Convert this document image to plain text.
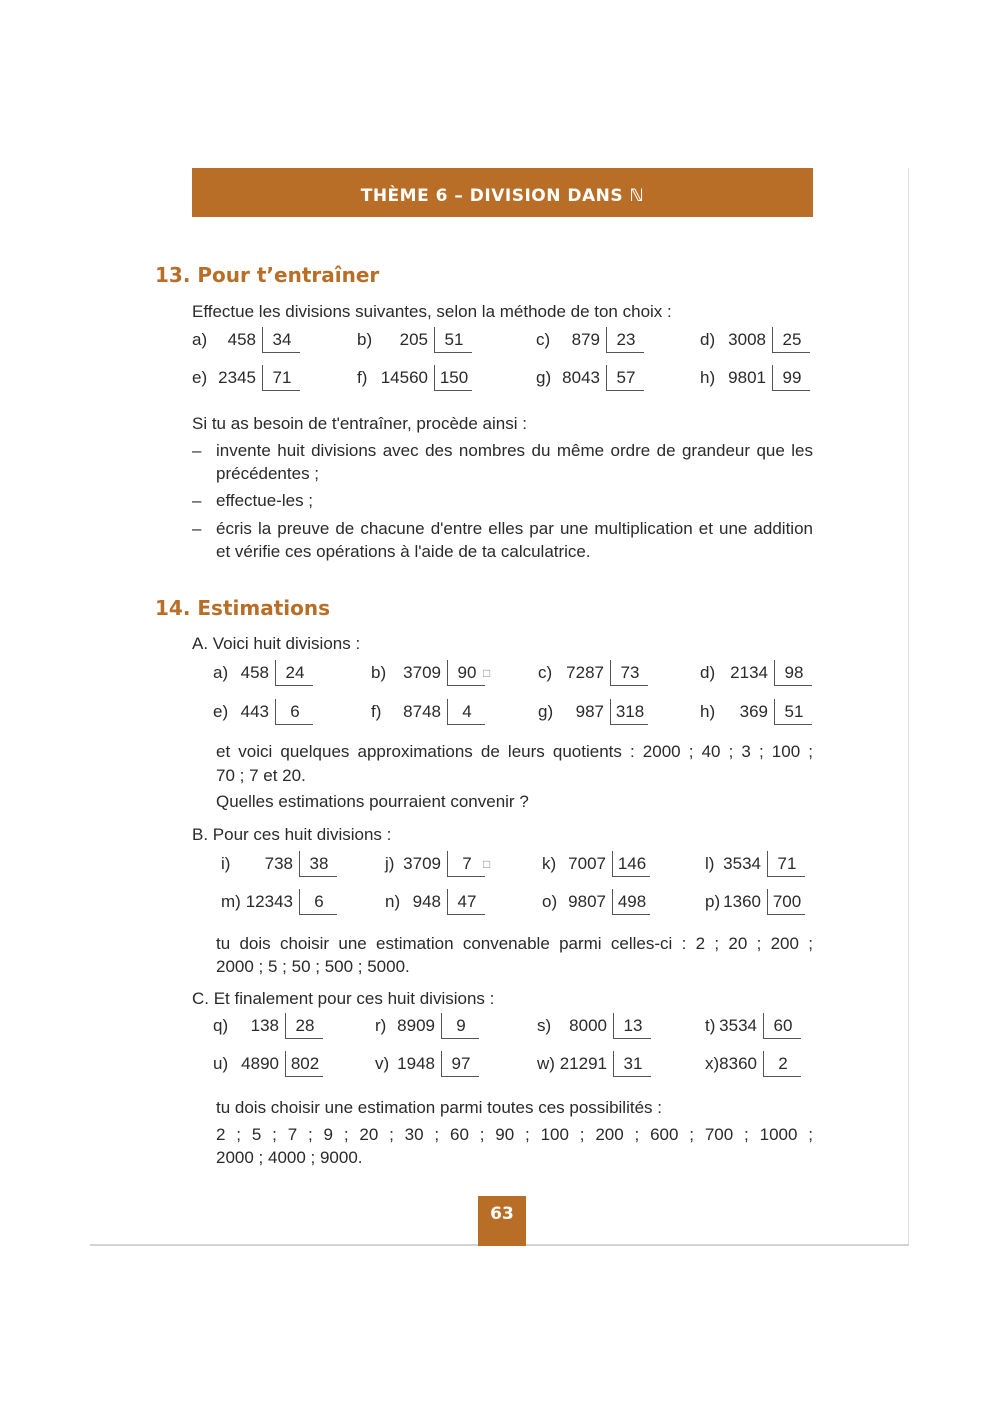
THÈME 6 – DIVISION DANS ℕ
13. Pour t’entraîner
Effectue les divisions suivantes, selon la méthode de ton choix :
a)	458 34	b)	205 51	c)	879 23	d) 3008 25
e) 2345 71	f) 14560 150	g) 8043 57	h) 9801 99
Si tu as besoin de t'entraîner, procède ainsi :
– invente huit divisions avec des nombres du même ordre de grandeur que les
précédentes ;
– effectue-les ;
– écris la preuve de chacune d'entre elles par une multiplication et une addition
et vérifie ces opérations à l'aide de ta calculatrice.
14. Estimations
A. Voici huit divisions :
a) 458 24	b)	3709 90 □	c) 7287 73	d) 2134 98
e) 443	6	f)	8748	4	g)	987 318	h)	369 51
et voici quelques approximations de leurs quotients : 2000 ; 40 ; 3 ; 100 ;
70 ; 7 et 20.
Quelles estimations pourraient convenir ?
B. Pour ces huit divisions :
i)	738 38	j) 3709	7 □	k) 7007 146	l) 3534 71
m) 12343	6	n) 948 47	o) 9807 498	p) 1360 700
tu dois choisir une estimation convenable parmi celles-ci : 2 ; 20 ; 200 ;
2000 ; 5 ; 50 ; 500 ; 5000.
C. Et finalement pour ces huit divisions :
q)	138 28	r) 8909	9	s)	8000 13	t) 3534 60
u) 4890 802	v) 1948 97	w) 21291 31	x) 8360	2
tu dois choisir une estimation parmi toutes ces possibilités :
2 ; 5 ; 7 ; 9 ; 20 ; 30 ; 60 ; 90 ; 100 ; 200 ; 600 ; 700 ; 1000 ;
2000 ; 4000 ; 9000.
63
